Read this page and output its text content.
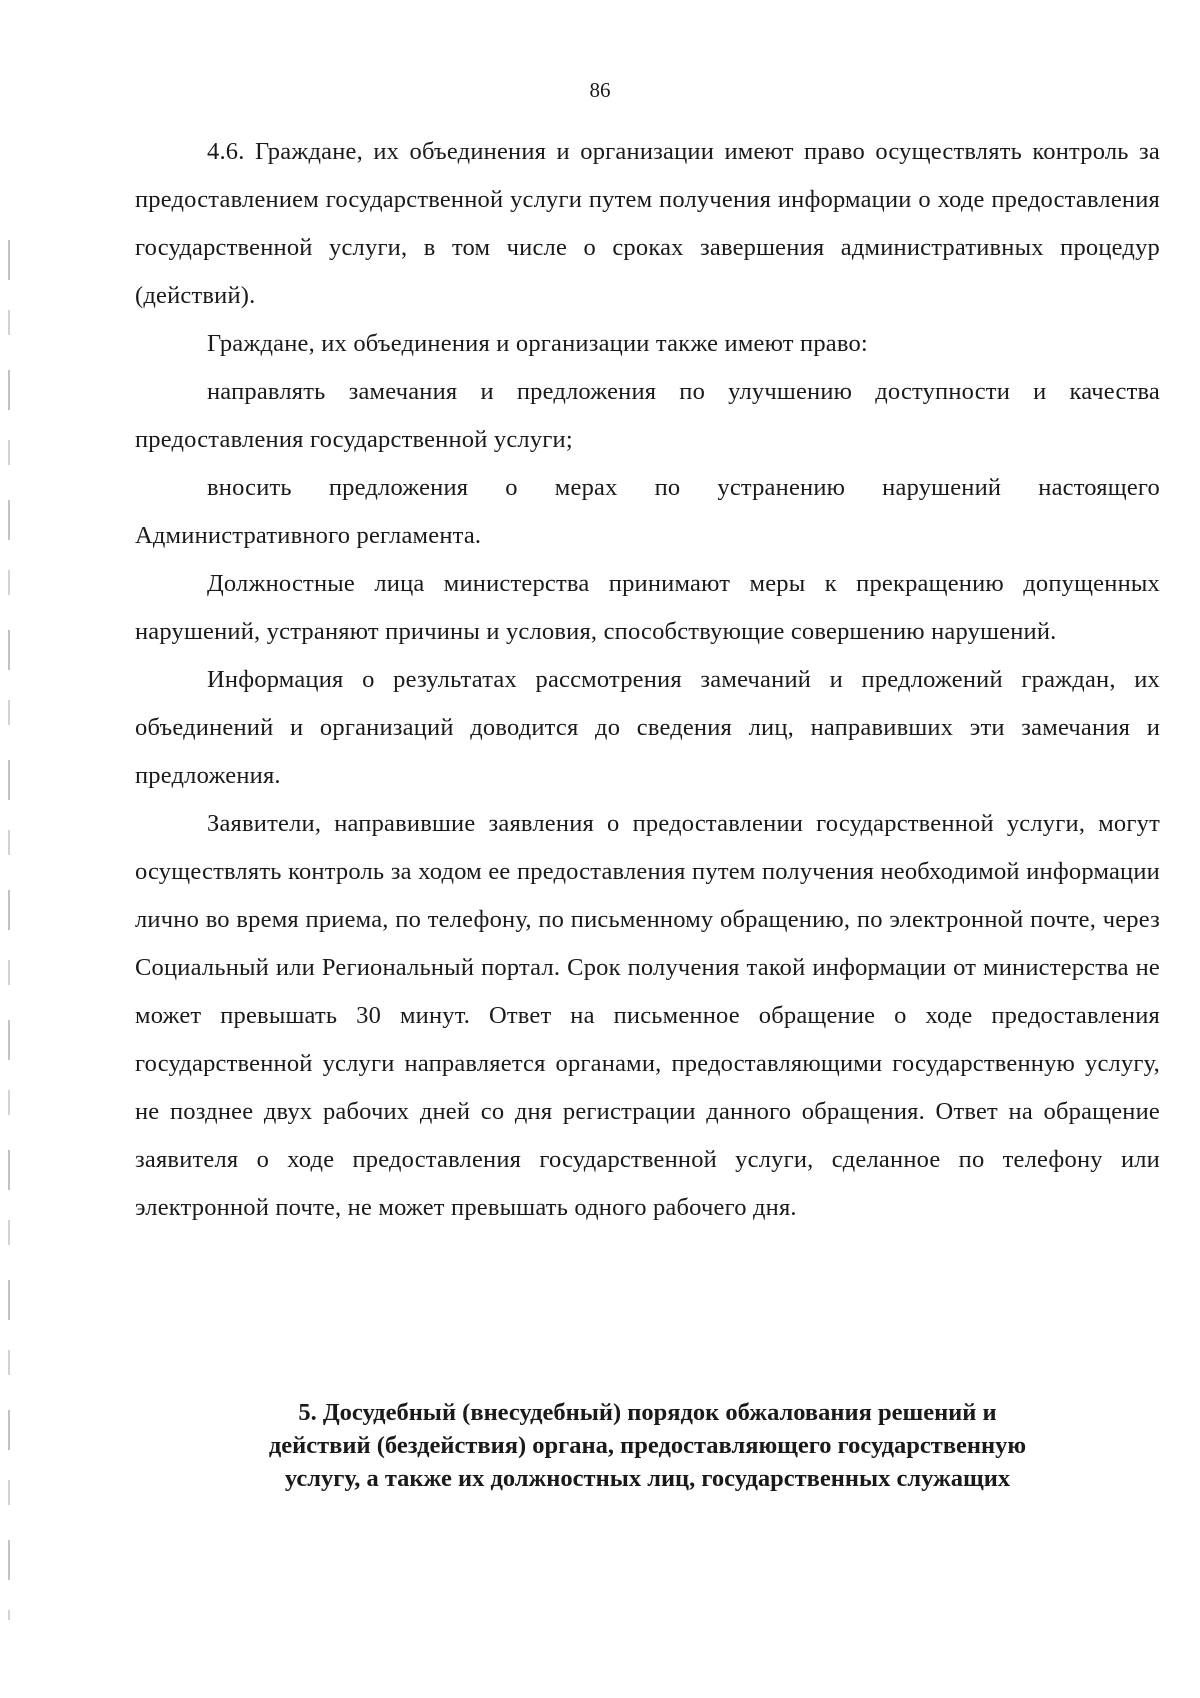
86

4.6. Граждане, их объединения и организации имеют право осуществлять контроль за предоставлением государственной услуги путем получения информации о ходе предоставления государственной услуги, в том числе о сроках завершения административных процедур (действий).

Граждане, их объединения и организации также имеют право:

направлять замечания и предложения по улучшению доступности и качества предоставления государственной услуги;

вносить предложения о мерах по устранению нарушений настоящего Административного регламента.

Должностные лица министерства принимают меры к прекращению допущенных нарушений, устраняют причины и условия, способствующие совершению нарушений.

Информация о результатах рассмотрения замечаний и предложений граждан, их объединений и организаций доводится до сведения лиц, направивших эти замечания и предложения.

Заявители, направившие заявления о предоставлении государственной услуги, могут осуществлять контроль за ходом ее предоставления путем получения необходимой информации лично во время приема, по телефону, по письменному обращению, по электронной почте, через Социальный или Региональный портал. Срок получения такой информации от министерства не может превышать 30 минут. Ответ на письменное обращение о ходе предоставления государственной услуги направляется органами, предоставляющими государственную услугу, не позднее двух рабочих дней со дня регистрации данного обращения. Ответ на обращение заявителя о ходе предоставления государственной услуги, сделанное по телефону или электронной почте, не может превышать одного рабочего дня.

5. Досудебный (внесудебный) порядок обжалования решений и
действий (бездействия) органа, предоставляющего государственную
услугу, а также их должностных лиц, государственных служащих
